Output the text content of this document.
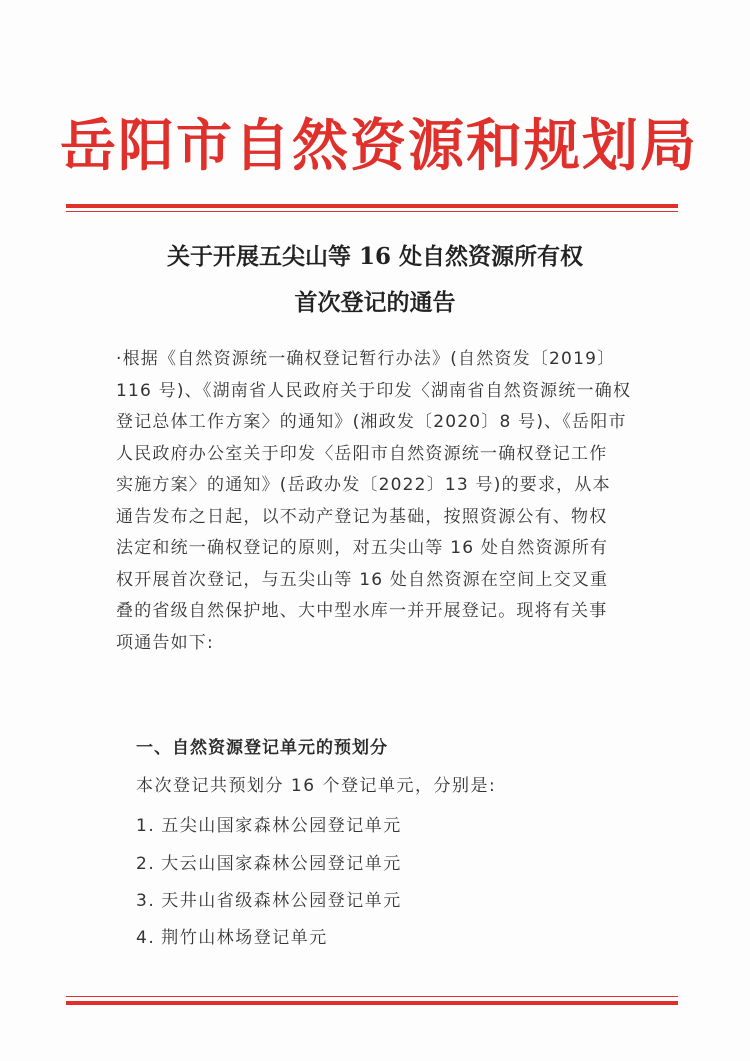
岳阳市自然资源和规划局
关于开展五尖山等 16 处自然资源所有权
首次登记的通告
·根据《自然资源统一确权登记暂行办法》(自然资发〔2019〕
116 号)、《湖南省人民政府关于印发〈湖南省自然资源统一确权
登记总体工作方案〉的通知》(湘政发〔2020〕8 号)、《岳阳市
人民政府办公室关于印发〈岳阳市自然资源统一确权登记工作
实施方案〉的通知》(岳政办发〔2022〕13 号)的要求，从本
通告发布之日起，以不动产登记为基础，按照资源公有、物权
法定和统一确权登记的原则，对五尖山等 16 处自然资源所有
权开展首次登记，与五尖山等 16 处自然资源在空间上交叉重
叠的省级自然保护地、大中型水库一并开展登记。现将有关事
项通告如下:
一、自然资源登记单元的预划分
本次登记共预划分 16 个登记单元，分别是:
1. 五尖山国家森林公园登记单元
2. 大云山国家森林公园登记单元
3. 天井山省级森林公园登记单元
4. 荆竹山林场登记单元
